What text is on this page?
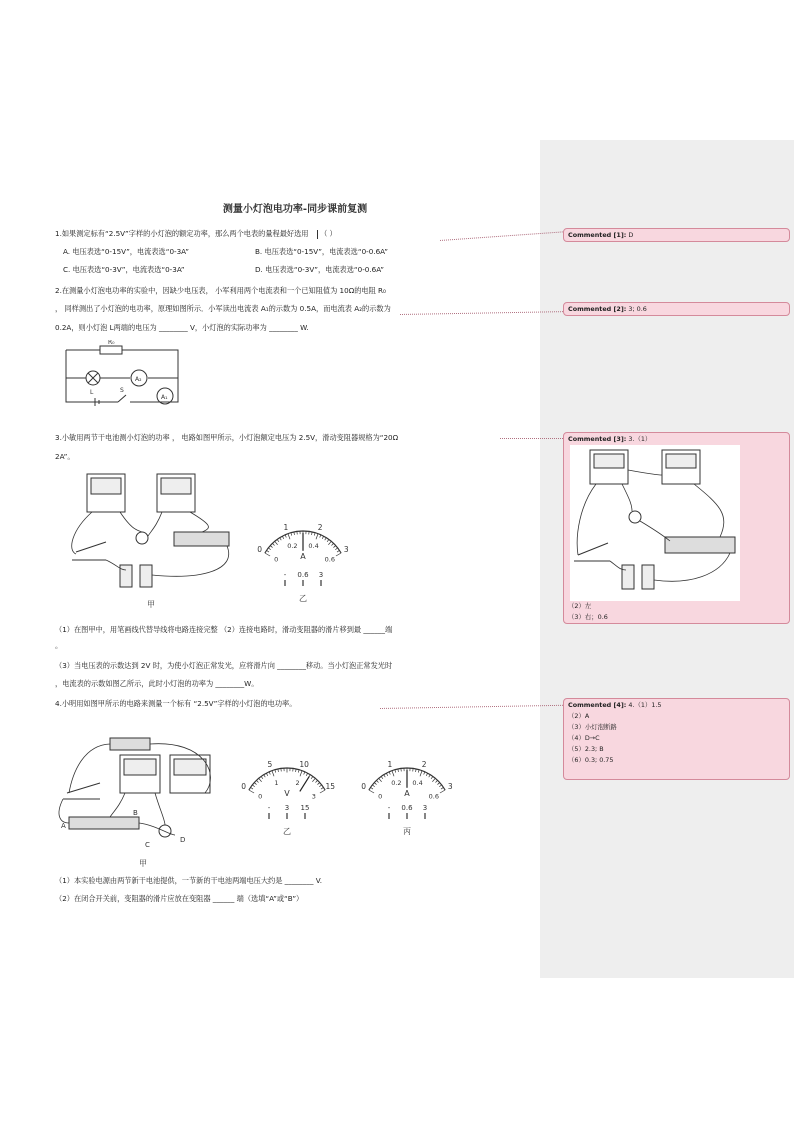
测量小灯泡电功率-同步课前复测
1.如果测定标有“2.5V”字样的小灯泡的额定功率，那么两个电表的量程最好选用 （ ）
A. 电压表选“0-15V”，电流表选“0-3A”	B. 电压表选“0-15V”，电流表选“0-0.6A”
C. 电压表选“0-3V”，电流表选“0-3A”	D. 电压表选“0-3V”，电流表选“0-0.6A”
2.在测量小灯泡电功率的实验中，因缺少电压表， 小军利用两个电流表和一个已知阻值为 10Ω的电阻 R₀
， 同样测出了小灯泡的电功率，原理如图所示．小军读出电流表 A₁的示数为 0.5A，而电流表 A₂的示数为
0.2A，则小灯泡 L两端的电压为 ________ V，小灯泡的实际功率为 ________ W.
3.小敏用两节干电池测小灯泡的功率 ， 电路如图甲所示，小灯泡额定电压为 2.5V，滑动变阻器规格为“20Ω
2A”。
（1）在图甲中，用笔画线代替导线将电路连接完整 （2）连接电路时，滑动变阻器的滑片移到最 ______端
。
（3）当电压表的示数达到 2V 时，为使小灯泡正常发光，应将滑片向 ________移动。当小灯泡正常发光时
，电流表的示数如图乙所示，此时小灯泡的功率为 ________W。
4.小明用如图甲所示的电路来测量一个标有 “2.5V”字样的小灯泡的电功率。
（1）本实验电源由两节新干电池提供，一节新的干电池两端电压大约是 ________ V.
（2）在闭合开关前，变阻器的滑片应放在变阻器 ______ 端（选填“A”或“B”）
R₀
L	S
A₂
A₁
甲
0
1	2
3
0
0.2 0.4
0.6
A
- 0.6 3
乙
A
B
C
D
甲
0
5	10
15
0
1	2
3
V
- 3 15
乙
0
1	2
3
0
0.2 0.4
0.6
A
- 0.6 3
丙
Commented [1]: D
Commented [2]: 3; 0.6
Commented [3]: 3.（1）
（2）左
（3）右；0.6
Commented [4]: 4.（1）1.5
（2）A
（3）小灯泡断路
（4）D→C
（5）2.3; B
（6）0.3; 0.75
